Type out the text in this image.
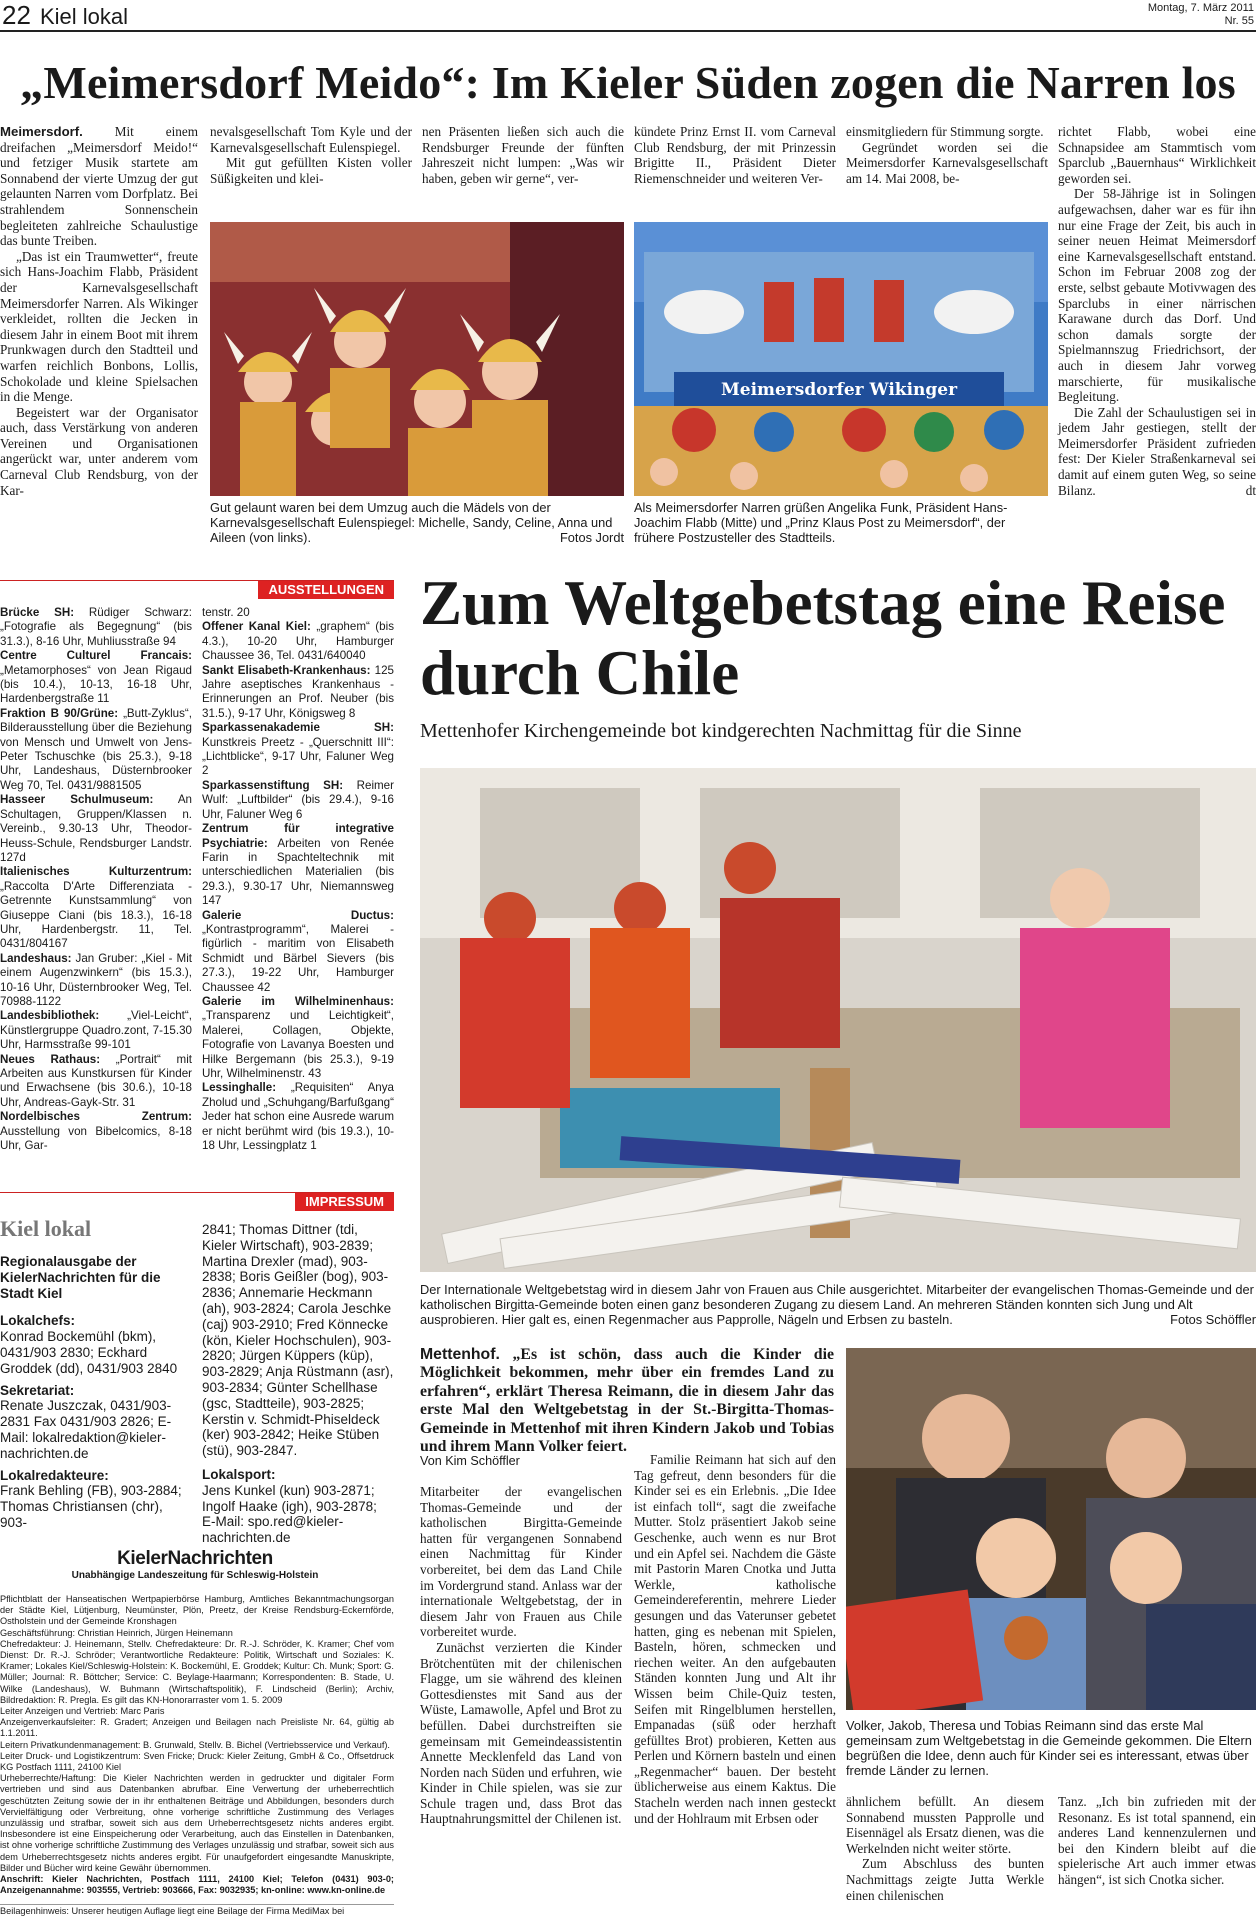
22 Kiel lokal	Montag, 7. März 2011
Nr. 55
„Meimersdorf Meido“: Im Kieler Süden zogen die Narren los

Meimersdorf. Mit einem dreifachen „Meimersdorf Meido!“ und fetziger Musik startete am Sonnabend der vierte Umzug der gut gelaunten Narren vom Dorfplatz. Bei strahlendem Sonnenschein begleiteten zahlreiche Schaulustige das bunte Treiben.

„Das ist ein Traumwetter“, freute sich Hans-Joachim Flabb, Präsident der Karnevalsgesellschaft Meimersdorfer Narren. Als Wikinger verkleidet, rollten die Jecken in diesem Jahr in einem Boot mit ihrem Prunkwagen durch den Stadtteil und warfen reichlich Bonbons, Lollis, Schokolade und kleine Spielsachen in die Menge.

Begeistert war der Organisator auch, dass Verstärkung von anderen Vereinen und Organisationen angerückt war, unter anderem vom Carneval Club Rendsburg, von der Kar-

nevalsgesellschaft Tom Kyle und der Karnevalsgesellschaft Eulenspiegel.

Mit gut gefüllten Kisten voller Süßigkeiten und klei-

nen Präsenten ließen sich auch die Rendsburger Freunde der fünften Jahreszeit nicht lumpen: „Was wir haben, geben wir gerne“, ver-

kündete Prinz Ernst II. vom Carneval Club Rendsburg, der mit Prinzessin Brigitte II., Präsident Dieter Riemenschneider und weiteren Ver-

einsmitgliedern für Stimmung sorgte.

Gegründet worden sei die Meimersdorfer Karnevalsgesellschaft am 14. Mai 2008, be-

richtet Flabb, wobei eine Schnapsidee am Stammtisch vom Sparclub „Bauernhaus“ Wirklichkeit geworden sei.

Der 58-Jährige ist in Solingen aufgewachsen, daher war es für ihn nur eine Frage der Zeit, bis auch in seiner neuen Heimat Meimersdorf eine Karnevalsgesellschaft entstand. Schon im Februar 2008 zog der erste, selbst gebaute Motivwagen des Sparclubs in einer närrischen Karawane durch das Dorf. Und schon damals sorgte der Spielmannszug Friedrichsort, der auch in diesem Jahr vorweg marschierte, für musikalische Begleitung.

Die Zahl der Schaulustigen sei in jedem Jahr gestiegen, stellt der Meimersdorfer Präsident zufrieden fest: Der Kieler Straßenkarneval sei damit auf einem guten Weg, so seine Bilanz.	dt

Gut gelaunt waren bei dem Umzug auch die Mädels von der Karnevalsgesellschaft Eulenspiegel: Michelle, Sandy, Celine, Anna und Aileen (von links).	Fotos Jordt
Meimersdorfer Wikinger
Als Meimersdorfer Narren grüßen Angelika Funk, Präsident Hans-Joachim Flabb (Mitte) und „Prinz Klaus Post zu Meimersdorf“, der frühere Postzusteller des Stadtteils.
AUSSTELLUNGEN
Brücke SH: Rüdiger Schwarz: „Fotografie als Begegnung“ (bis 31.3.), 8-16 Uhr, Muhliusstraße 94
Centre Culturel Francais: „Metamorphoses“ von Jean Rigaud (bis 10.4.), 10-13, 16-18 Uhr, Hardenbergstraße 11
Fraktion B 90/Grüne: „Butt-Zyklus“, Bilderausstellung über die Beziehung von Mensch und Umwelt von Jens-Peter Tschuschke (bis 25.3.), 9-18 Uhr, Landeshaus, Düsternbrooker Weg 70, Tel. 0431/9881505
Hasseer Schulmuseum: An Schultagen, Gruppen/Klassen n. Vereinb., 9.30-13 Uhr, Theodor-Heuss-Schule, Rendsburger Landstr. 127d
Italienisches Kulturzentrum: „Raccolta D'Arte Differenziata - Getrennte Kunstsammlung“ von Giuseppe Ciani (bis 18.3.), 16-18 Uhr, Hardenbergstr. 11, Tel. 0431/804167
Landeshaus: Jan Gruber: „Kiel - Mit einem Augenzwinkern“ (bis 15.3.), 10-16 Uhr, Düsternbrooker Weg, Tel. 70988-1122
Landesbibliothek: „Viel-Leicht“, Künstlergruppe Quadro.zont, 7-15.30 Uhr, Harmsstraße 99-101
Neues Rathaus: „Portrait“ mit Arbeiten aus Kunstkursen für Kinder und Erwachsene (bis 30.6.), 10-18 Uhr, Andreas-Gayk-Str. 31
Nordelbisches Zentrum: Ausstellung von Bibelcomics, 8-18 Uhr, Gar-
tenstr. 20
Offener Kanal Kiel: „graphem“ (bis 4.3.), 10-20 Uhr, Hamburger Chaussee 36, Tel. 0431/640040
Sankt Elisabeth-Krankenhaus: 125 Jahre aseptisches Krankenhaus - Erinnerungen an Prof. Neuber (bis 31.5.), 9-17 Uhr, Königsweg 8
Sparkassenakademie SH: Kunstkreis Preetz - „Querschnitt III“: „Lichtblicke“, 9-17 Uhr, Faluner Weg 2
Sparkassenstiftung SH: Reimer Wulf: „Luftbilder“ (bis 29.4.), 9-16 Uhr, Faluner Weg 6
Zentrum für integrative Psychiatrie: Arbeiten von Renée Farin in Spachteltechnik mit unterschiedlichen Materialien (bis 29.3.), 9.30-17 Uhr, Niemannsweg 147
Galerie Ductus: „Kontrastprogramm“, Malerei - figürlich - maritim von Elisabeth Schmidt und Bärbel Sievers (bis 27.3.), 19-22 Uhr, Hamburger Chaussee 42
Galerie im Wilhelminenhaus: „Transparenz und Leichtigkeit“, Malerei, Collagen, Objekte, Fotografie von Lavanya Boesten und Hilke Bergemann (bis 25.3.), 9-19 Uhr, Wilhelminenstr. 43
Lessinghalle: „Requisiten“ Anya Zholud und „Schuhgang/Barfußgang“ Jeder hat schon eine Ausrede warum er nicht berühmt wird (bis 19.3.), 10-18 Uhr, Lessingplatz 1
IMPRESSUM
Kiel lokal
Regionalausgabe der KielerNachrichten für die Stadt Kiel
Lokalchefs:
Konrad Bockemühl (bkm), 0431/903 2830; Eckhard Groddek (dd), 0431/903 2840
Sekretariat:
Renate Juszczak, 0431/903-2831 Fax 0431/903 2826; E-Mail: lokalredaktion@kieler-nachrichten.de
Lokalredakteure:
Frank Behling (FB), 903-2884; Thomas Christiansen (chr), 903-
2841; Thomas Dittner (tdi, Kieler Wirtschaft), 903-2839; Martina Drexler (mad), 903-2838; Boris Geißler (bog), 903-2836; Annemarie Heckmann (ah), 903-2824; Carola Jeschke (caj) 903-2910; Fred Könnecke (kön, Kieler Hochschulen), 903-2820; Jürgen Küppers (küp), 903-2829; Anja Rüstmann (asr), 903-2834; Günter Schellhase (gsc, Stadtteile), 903-2825; Kerstin v. Schmidt-Phiseldeck (ker) 903-2842; Heike Stüben (stü), 903-2847.
Lokalsport:
Jens Kunkel (kun) 903-2871; Ingolf Haake (igh), 903-2878; E-Mail: spo.red@kieler-nachrichten.de
KielerNachrichten
Unabhängige Landeszeitung für Schleswig-Holstein

Pflichtblatt der Hanseatischen Wertpapierbörse Hamburg, Amtliches Bekanntmachungsorgan der Städte Kiel, Lütjenburg, Neumünster, Plön, Preetz, der Kreise Rendsburg-Eckernförde, Ostholstein und der Gemeinde Kronshagen

Geschäftsführung: Christian Heinrich, Jürgen Heinemann

Chefredakteur: J. Heinemann, Stellv. Chefredakteure: Dr. R.-J. Schröder, K. Kramer; Chef vom Dienst: Dr. R.-J. Schröder; Verantwortliche Redakteure: Politik, Wirtschaft und Soziales: K. Kramer; Lokales Kiel/Schleswig-Holstein: K. Bockemühl, E. Groddek; Kultur: Ch. Munk; Sport: G. Müller; Journal: R. Böttcher; Service: C. Beylage-Haarmann; Korrespondenten: B. Stade, U. Wilke (Landeshaus), W. Buhmann (Wirtschaftspolitik), F. Lindscheid (Berlin); Archiv, Bildredaktion: R. Pregla. Es gilt das KN-Honorarraster vom 1. 5. 2009

Leiter Anzeigen und Vertrieb: Marc Paris

Anzeigenverkaufsleiter: R. Gradert; Anzeigen und Beilagen nach Preisliste Nr. 64, gültig ab 1.1.2011.

Leitern Privatkundenmanagement: B. Grunwald, Stellv. B. Bichel (Vertriebsservice und Verkauf).

Leiter Druck- und Logistikzentrum: Sven Fricke; Druck: Kieler Zeitung, GmbH & Co., Offsetdruck KG Postfach 1111, 24100 Kiel

Urheberrechte/Haftung: Die Kieler Nachrichten werden in gedruckter und digitaler Form vertrieben und sind aus Datenbanken abrufbar. Eine Verwertung der urheberrechtlich geschützten Zeitung sowie der in ihr enthaltenen Beiträge und Abbildungen, besonders durch Vervielfältigung oder Verbreitung, ohne vorherige schriftliche Zustimmung des Verlages unzulässig und strafbar, soweit sich aus dem Urheberrechtsgesetz nichts anderes ergibt. Insbesondere ist eine Einspeicherung oder Verarbeitung, auch das Einstellen in Datenbanken, ist ohne vorherige schriftliche Zustimmung des Verlages unzulässig und strafbar, soweit sich aus dem Urheberrechtsgesetz nichts anderes ergibt. Für unaufgefordert eingesandte Manuskripte, Bilder und Bücher wird keine Gewähr übernommen.

Anschrift: Kieler Nachrichten, Postfach 1111, 24100 Kiel; Telefon (0431) 903-0; Anzeigenannahme: 903555, Vertrieb: 903666, Fax: 9032935; kn-online: www.kn-online.de

Beilagenhinweis: Unserer heutigen Auflage liegt eine Beilage der Firma MediMax bei
Zum Weltgebetstag eine Reise durch Chile
Mettenhofer Kirchengemeinde bot kindgerechten Nachmittag für die Sinne
Der Internationale Weltgebetstag wird in diesem Jahr von Frauen aus Chile ausgerichtet. Mitarbeiter der evangelischen Thomas-Gemeinde und der katholischen Birgitta-Gemeinde boten einen ganz besonderen Zugang zu diesem Land. An mehreren Ständen konnten sich Jung und Alt ausprobieren. Hier galt es, einen Regenmacher aus Papprolle, Nägeln und Erbsen zu basteln.	Fotos Schöffler
Mettenhof. „Es ist schön, dass auch die Kinder die Möglichkeit bekommen, mehr über ein fremdes Land zu erfahren“, erklärt Theresa Reimann, die in diesem Jahr das erste Mal den Weltgebetstag in der St.-Birgitta-Thomas-Gemeinde in Mettenhof mit ihren Kindern Jakob und Tobias und ihrem Mann Volker feiert.
Von Kim Schöffler

Mitarbeiter der evangelischen Thomas-Gemeinde und der katholischen Birgitta-Gemeinde hatten für vergangenen Sonnabend einen Nachmittag für Kinder vorbereitet, bei dem das Land Chile im Vordergrund stand. Anlass war der internationale Weltgebetstag, der in diesem Jahr von Frauen aus Chile vorbereitet wurde.

Zunächst verzierten die Kinder Brötchentüten mit der chilenischen Flagge, um sie während des kleinen Gottesdienstes mit Sand aus der Wüste, Lamawolle, Apfel und Brot zu befüllen. Dabei durchstreiften sie gemeinsam mit Gemeindeassistentin Annette Mecklenfeld das Land von Norden nach Süden und erfuhren, wie Kinder in Chile spielen, was sie zur Schule tragen und, dass Brot das Hauptnahrungsmittel der Chilenen ist.

Familie Reimann hat sich auf den Tag gefreut, denn besonders für die Kinder sei es ein Erlebnis. „Die Idee ist einfach toll“, sagt die zweifache Mutter. Stolz präsentiert Jakob seine Geschenke, auch wenn es nur Brot und ein Apfel sei. Nachdem die Gäste mit Pastorin Maren Cnotka und Jutta Werkle, katholische Gemeindereferentin, mehrere Lieder gesungen und das Vaterunser gebetet hatten, ging es nebenan mit Spielen, Basteln, hören, schmecken und riechen weiter. An den aufgebauten Ständen konnten Jung und Alt ihr Wissen beim Chile-Quiz testen, Seifen mit Ringelblumen herstellen, Empanadas (süß oder herzhaft gefülltes Brot) probieren, Ketten aus Perlen und Körnern basteln und einen „Regenmacher“ bauen. Der besteht üblicherweise aus einem Kaktus. Die Stacheln werden nach innen gesteckt und der Hohlraum mit Erbsen oder

Volker, Jakob, Theresa und Tobias Reimann sind das erste Mal gemeinsam zum Weltgebetstag in die Gemeinde gekommen. Die Eltern begrüßen die Idee, denn auch für Kinder sei es interessant, etwas über fremde Länder zu lernen.

ähnlichem befüllt. An diesem Sonnabend mussten Papprolle und Eisennägel als Ersatz dienen, was die Werkelnden nicht weiter störte.

Zum Abschluss des bunten Nachmittags zeigte Jutta Werkle einen chilenischen

Tanz. „Ich bin zufrieden mit der Resonanz. Es ist total spannend, ein anderes Land kennenzulernen und bei den Kindern bleibt auf die spielerische Art auch immer etwas hängen“, ist sich Cnotka sicher.
